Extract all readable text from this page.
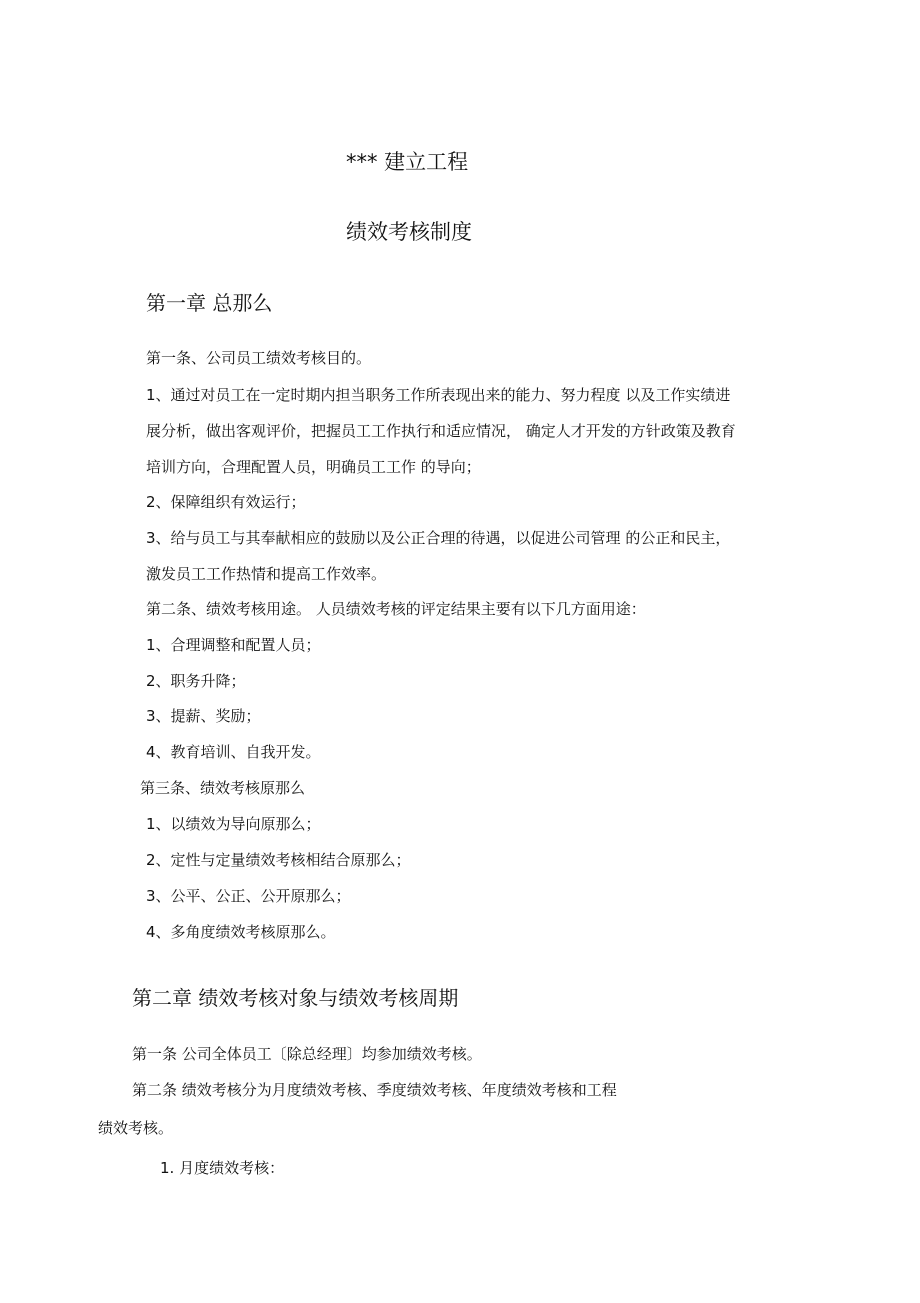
*** 建立工程
绩效考核制度
第一章 总那么
第一条、公司员工绩效考核目的。
1、通过对员工在一定时期内担当职务工作所表现出来的能力、努力程度 以及工作实绩进
展分析，做出客观评价，把握员工工作执行和适应情况， 确定人才开发的方针政策及教育
培训方向，合理配置人员，明确员工工作 的导向；
2、保障组织有效运行；
3、给与员工与其奉献相应的鼓励以及公正合理的待遇，以促进公司管理 的公正和民主，
激发员工工作热情和提高工作效率。
第二条、绩效考核用途。 人员绩效考核的评定结果主要有以下几方面用途：
1、合理调整和配置人员；
2、职务升降；
3、提薪、奖励；
4、教育培训、自我开发。
第三条、绩效考核原那么
1、以绩效为导向原那么；
2、定性与定量绩效考核相结合原那么；
3、公平、公正、公开原那么；
4、多角度绩效考核原那么。
第二章 绩效考核对象与绩效考核周期
第一条 公司全体员工〔除总经理〕均参加绩效考核。
第二条 绩效考核分为月度绩效考核、季度绩效考核、年度绩效考核和工程
绩效考核。
1. 月度绩效考核：
